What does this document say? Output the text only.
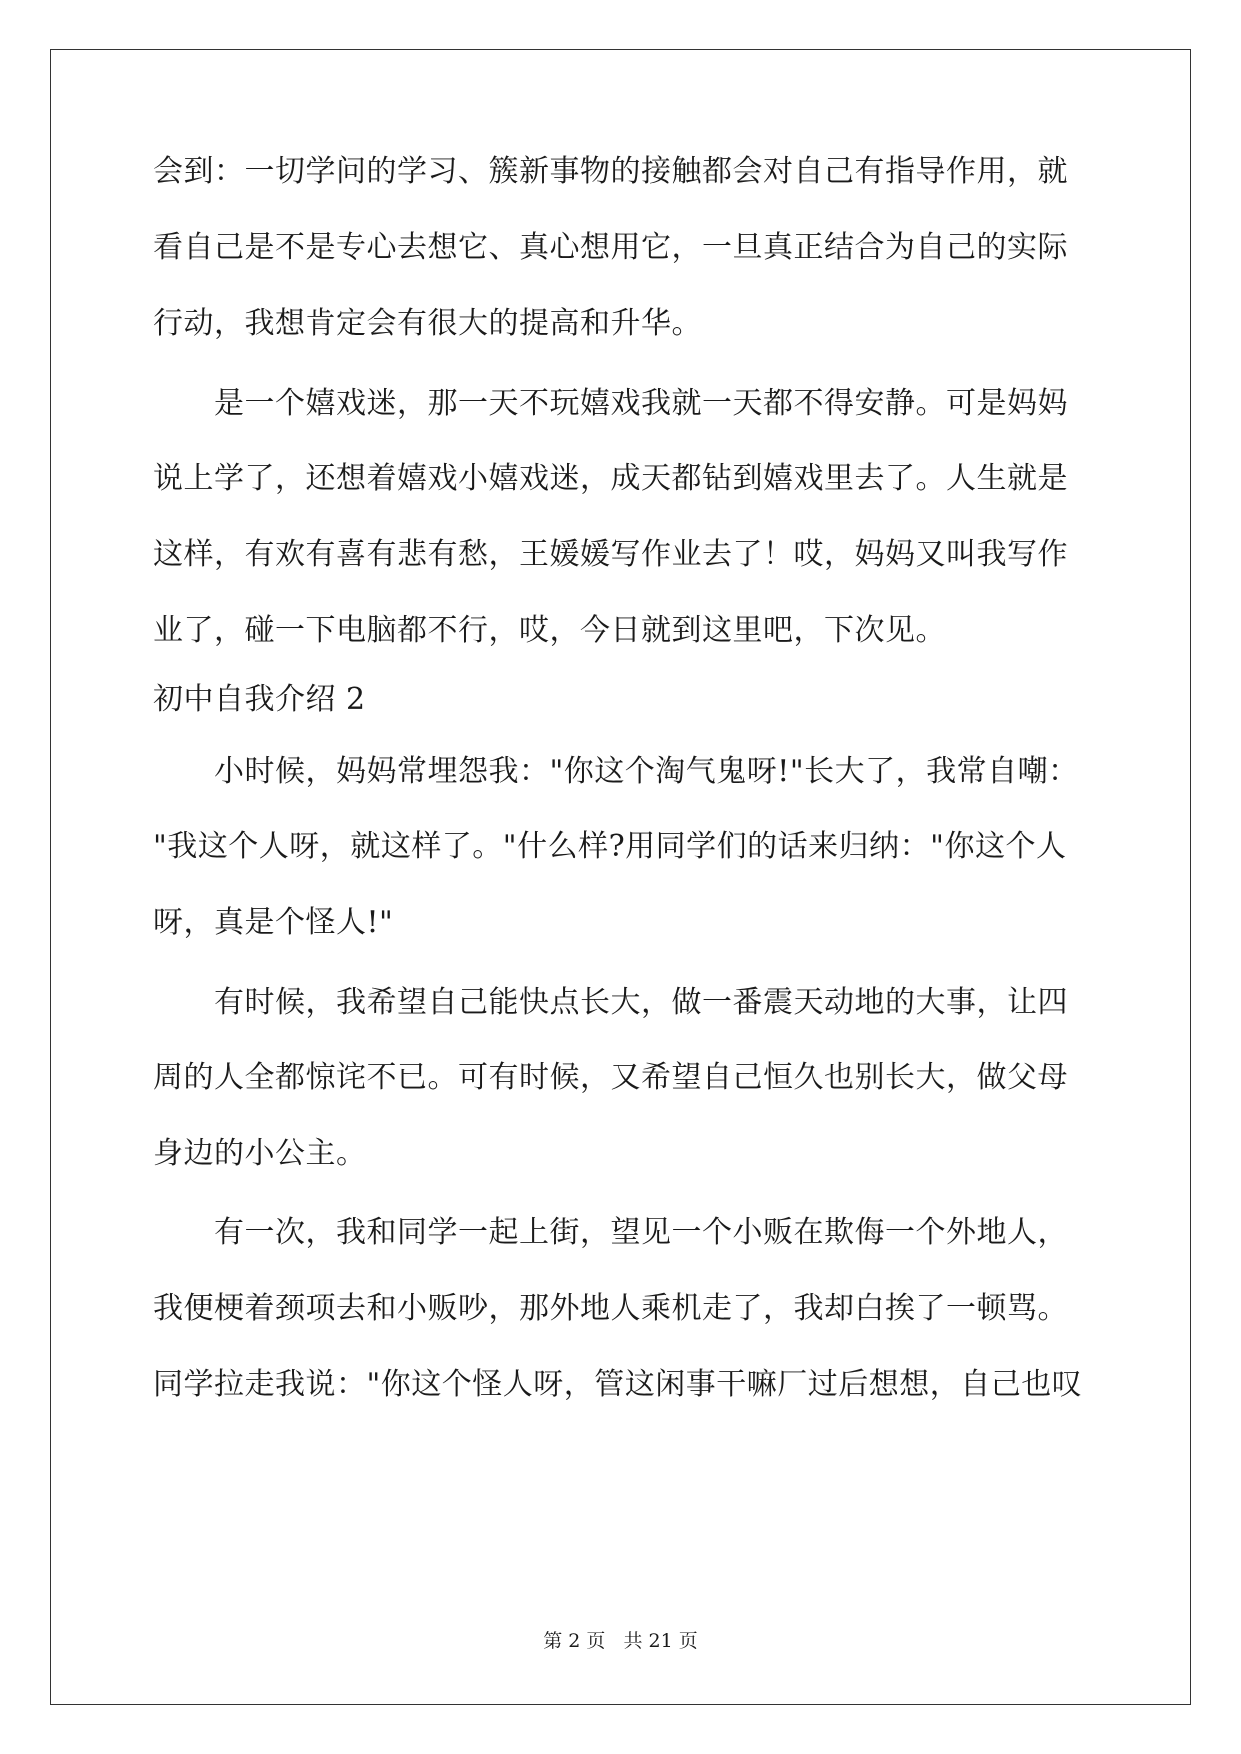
会到：一切学问的学习、簇新事物的接触都会对自己有指导作用，就
看自己是不是专心去想它、真心想用它，一旦真正结合为自己的实际
行动，我想肯定会有很大的提高和升华。
　　是一个嬉戏迷，那一天不玩嬉戏我就一天都不得安静。可是妈妈
说上学了，还想着嬉戏小嬉戏迷，成天都钻到嬉戏里去了。人生就是
这样，有欢有喜有悲有愁，王媛媛写作业去了！哎，妈妈又叫我写作
业了，碰一下电脑都不行，哎，今日就到这里吧，下次见。
初中自我介绍 2
　　小时候，妈妈常埋怨我："你这个淘气鬼呀!"长大了，我常自嘲：
"我这个人呀，就这样了。"什么样?用同学们的话来归纳："你这个人
呀，真是个怪人!"
　　有时候，我希望自己能快点长大，做一番震天动地的大事，让四
周的人全都惊诧不已。可有时候，又希望自己恒久也别长大，做父母
身边的小公主。
　　有一次，我和同学一起上街，望见一个小贩在欺侮一个外地人，
我便梗着颈项去和小贩吵，那外地人乘机走了，我却白挨了一顿骂。
同学拉走我说："你这个怪人呀，管这闲事干嘛厂过后想想，自己也叹
第 2 页 共 21 页
